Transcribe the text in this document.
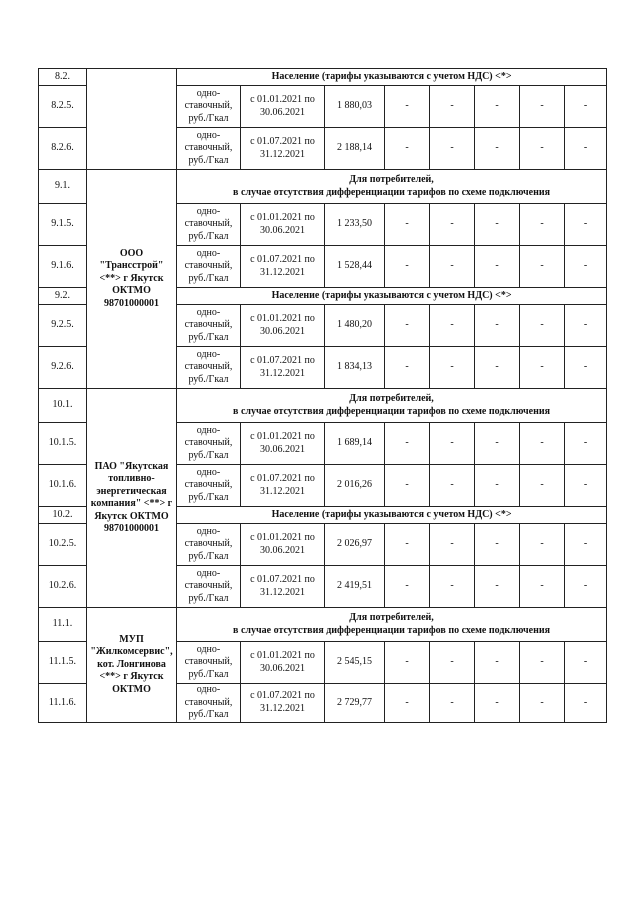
8.2.		Население (тарифы указываются с учетом НДС) <*>							
8.2.5.		одно-ставочный, руб./Гкал	с 01.01.2021 по 30.06.2021	1 880,03	-	-	-	-	-
8.2.6.		одно-ставочный, руб./Гкал	с 01.07.2021 по 31.12.2021	2 188,14	-	-	-	-	-
9.1.	ООО "Трансстрой" <**> г Якутск ОКТМО 98701000001	Для потребителей,
в случае отсутствия дифференциации тарифов по схеме подключения							

9.1.5.		одно-ставочный, руб./Гкал	с 01.01.2021 по 30.06.2021	1 233,50	-	-	-	-	-
9.1.6.		одно-ставочный, руб./Гкал	с 01.07.2021 по 31.12.2021	1 528,44	-	-	-	-	-
9.2.		Население (тарифы указываются с учетом НДС) <*>							
9.2.5.		одно-ставочный, руб./Гкал	с 01.01.2021 по 30.06.2021	1 480,20	-	-	-	-	-
9.2.6.		одно-ставочный, руб./Гкал	с 01.07.2021 по 31.12.2021	1 834,13	-	-	-	-	-
10.1.	ПАО "Якутская топливно-энергетическая компания" <**> г Якутск ОКТМО 98701000001	Для потребителей,
в случае отсутствия дифференциации тарифов по схеме подключения							

10.1.5.		одно-ставочный, руб./Гкал	с 01.01.2021 по 30.06.2021	1 689,14	-	-	-	-	-
10.1.6.		одно-ставочный, руб./Гкал	с 01.07.2021 по 31.12.2021	2 016,26	-	-	-	-	-
10.2.		Население (тарифы указываются с учетом НДС) <*>							
10.2.5.		одно-ставочный, руб./Гкал	с 01.01.2021 по 30.06.2021	2 026,97	-	-	-	-	-
10.2.6.		одно-ставочный, руб./Гкал	с 01.07.2021 по 31.12.2021	2 419,51	-	-	-	-	-
11.1.	МУП "Жилкомсервис", кот. Лонгинова <**> г Якутск ОКТМО	Для потребителей,
в случае отсутствия дифференциации тарифов по схеме подключения							

11.1.5.		одно-ставочный, руб./Гкал	с 01.01.2021 по 30.06.2021	2 545,15	-	-	-	-	-
11.1.6.		одно-ставочный, руб./Гкал	с 01.07.2021 по 31.12.2021	2 729,77	-	-	-	-	-
